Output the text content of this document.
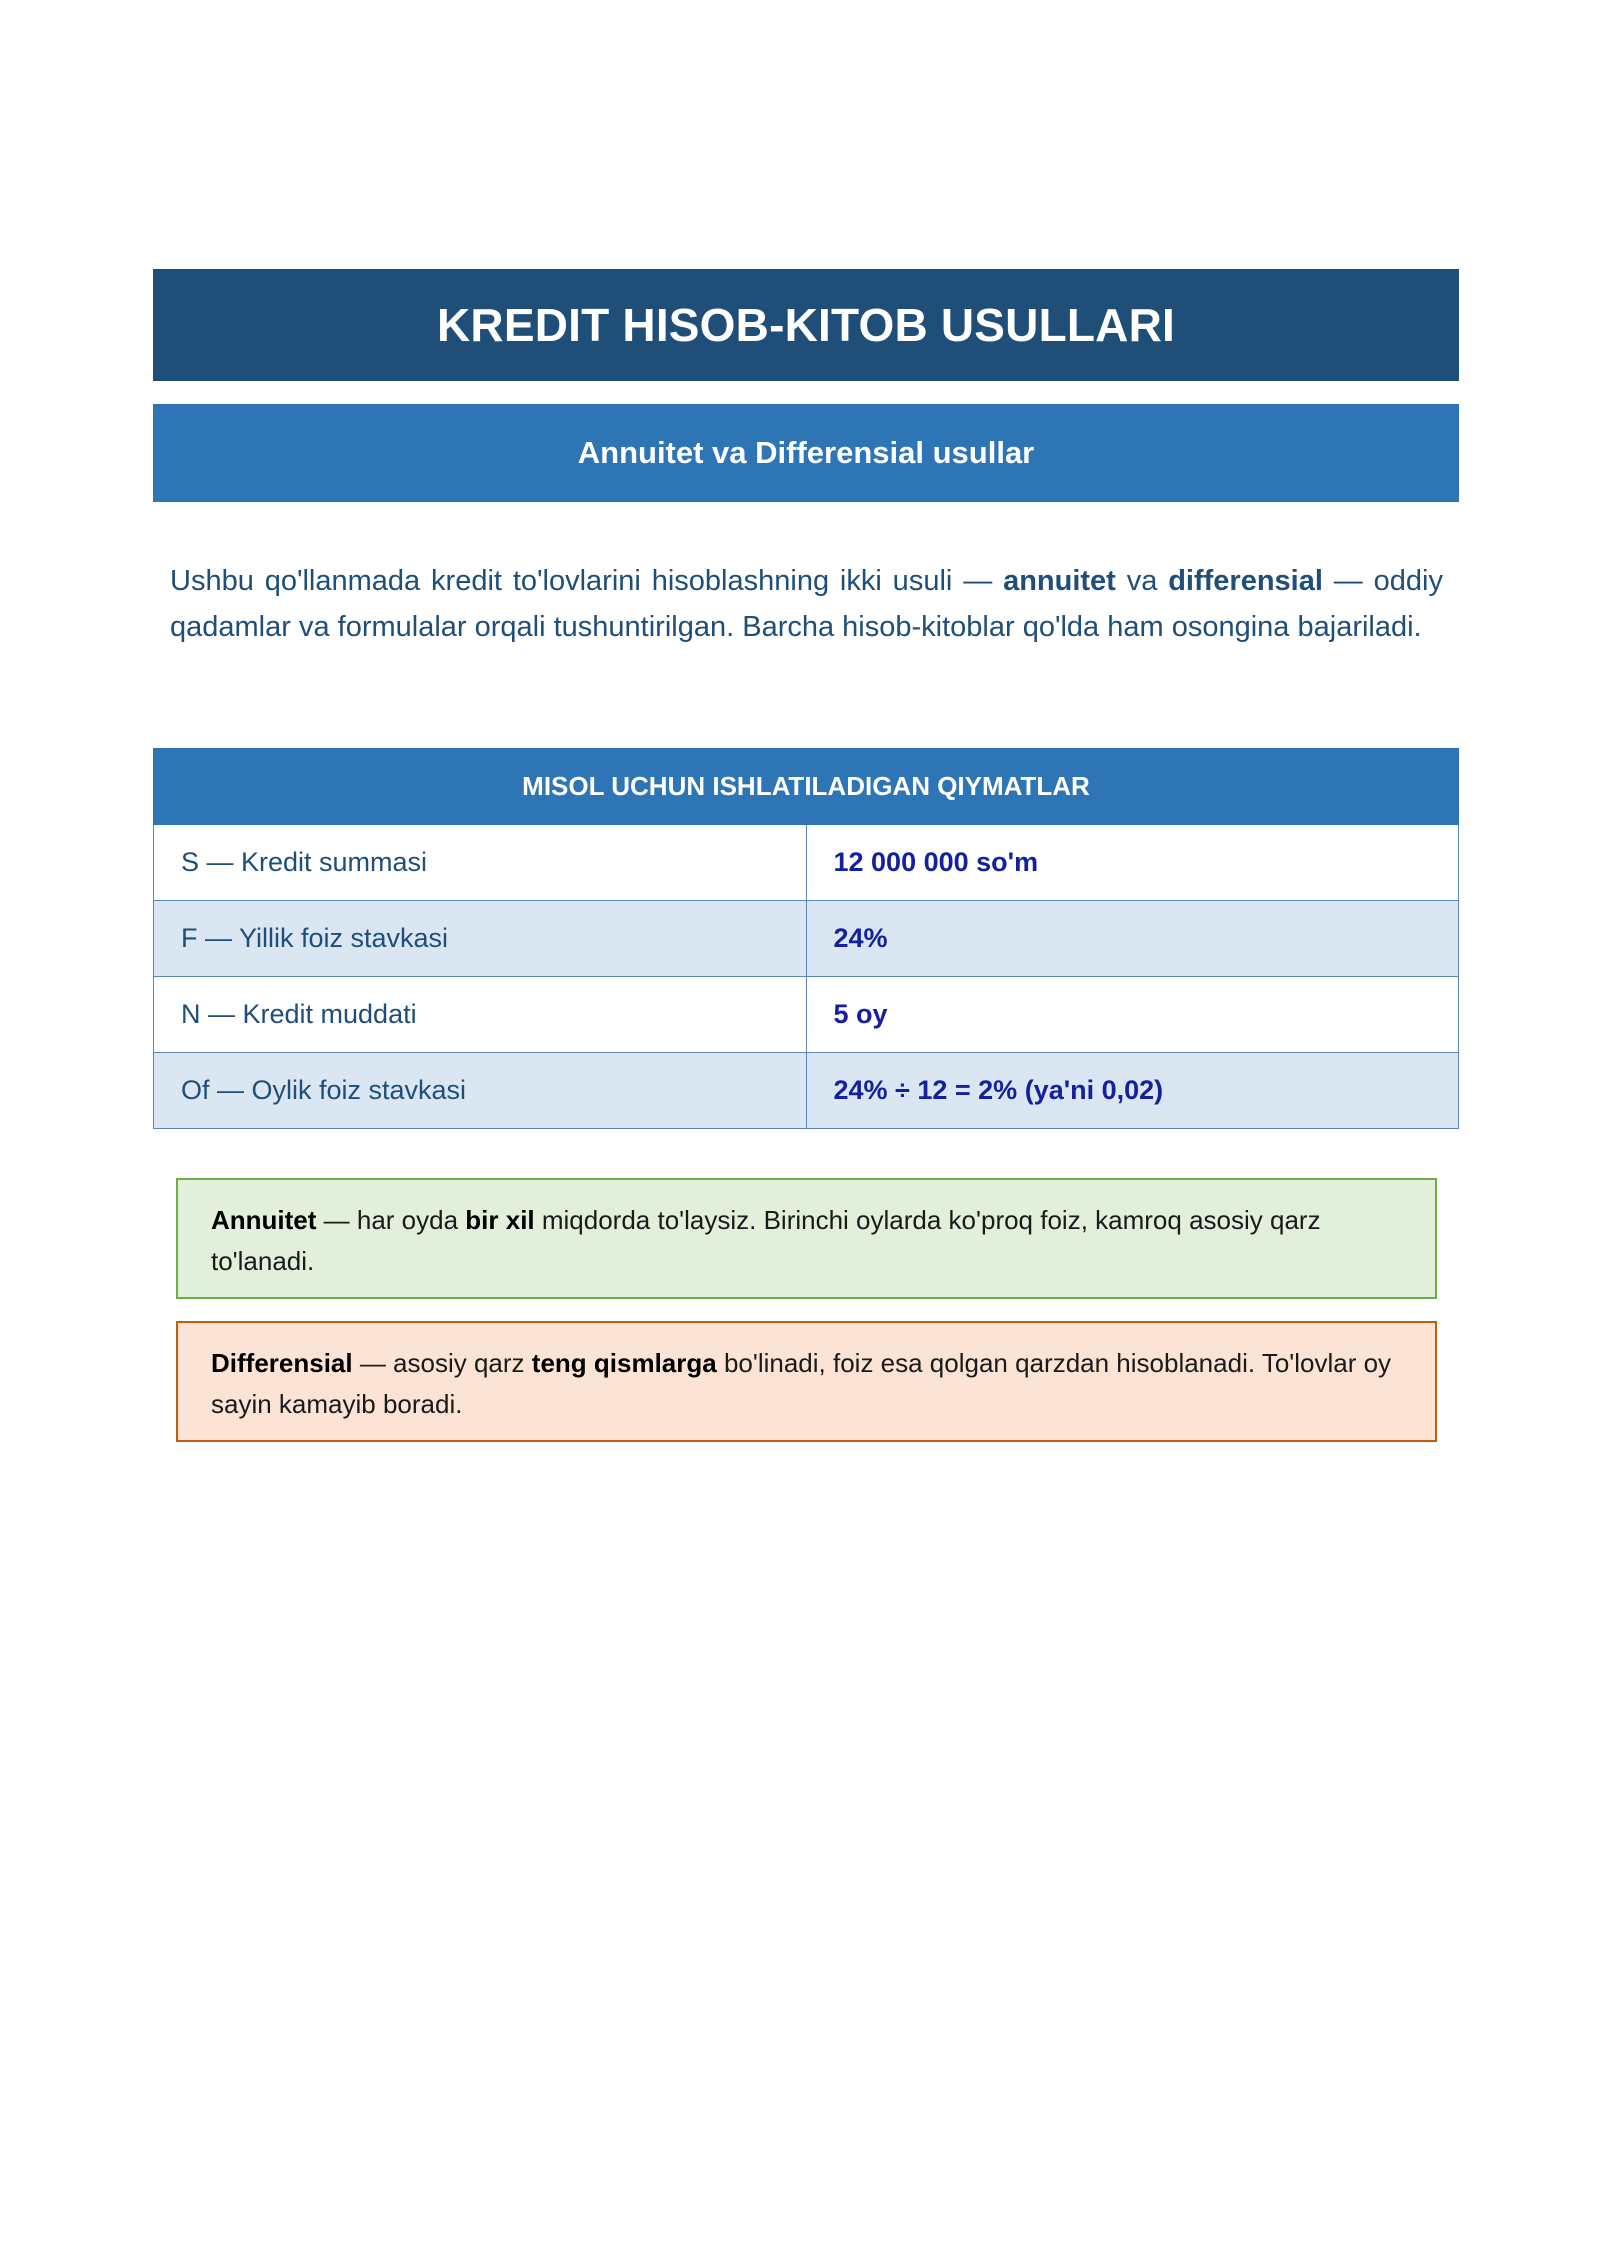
KREDIT HISOB-KITOB USULLARI
Annuitet va Differensial usullar

Ushbu qo'llanmada kredit to'lovlarini hisoblashning ikki usuli — annuitet va differensial — oddiy qadamlar va formulalar orqali tushuntirilgan. Barcha hisob-kitoblar qo'lda ham osongina bajariladi.

MISOL UCHUN ISHLATILADIGAN QIYMATLAR	
S — Kredit summasi	12 000 000 so'm
F — Yillik foiz stavkasi	24%
N — Kredit muddati	5 oy
Of — Oylik foiz stavkasi	24% ÷ 12 = 2% (ya'ni 0,02)
Annuitet — har oyda bir xil miqdorda to'laysiz. Birinchi oylarda ko'proq foiz, kamroq asosiy qarz to'lanadi.
Differensial — asosiy qarz teng qismlarga bo'linadi, foiz esa qolgan qarzdan hisoblanadi. To'lovlar oy sayin kamayib boradi.
